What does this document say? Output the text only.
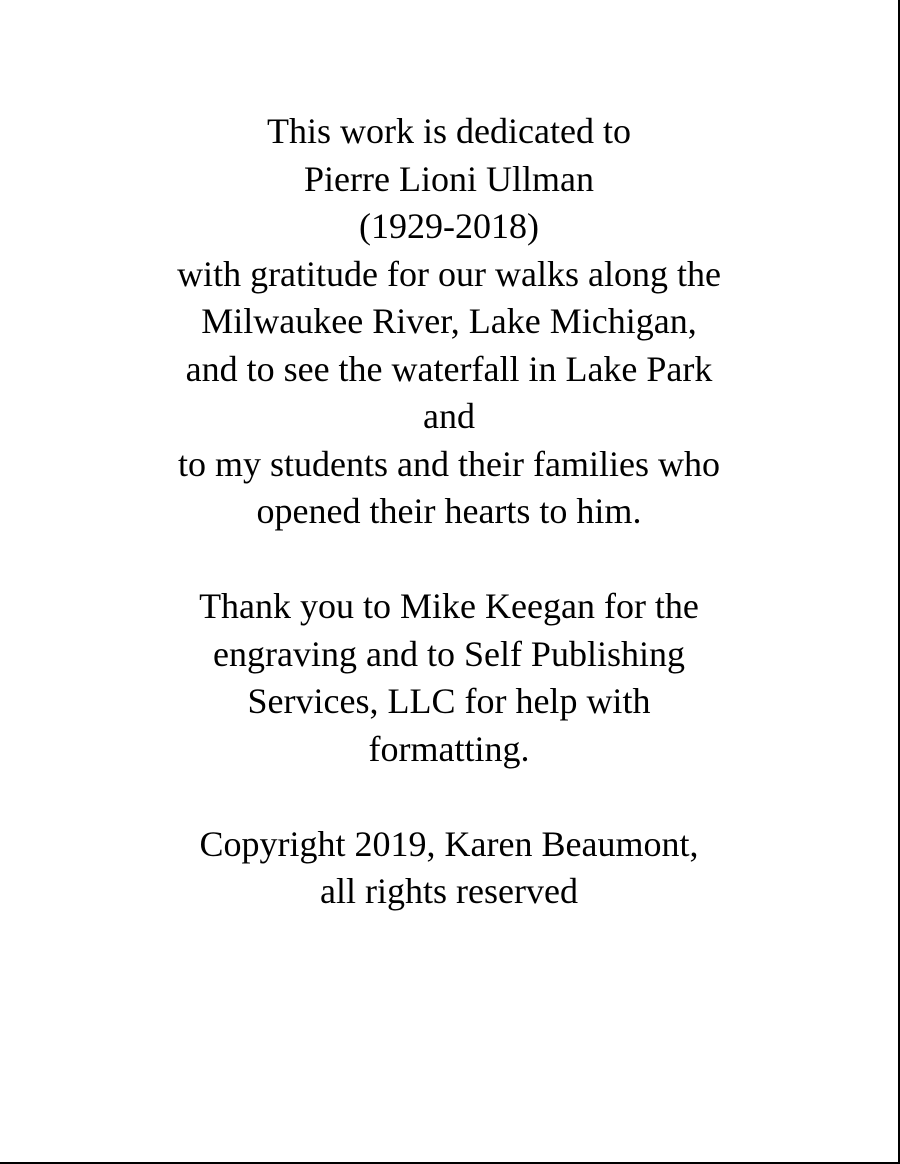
This work is dedicated to
Pierre Lioni Ullman
(1929-2018)
with gratitude for our walks along the
Milwaukee River, Lake Michigan,
and to see the waterfall in Lake Park
and
to my students and their families who
opened their hearts to him.
Thank you to Mike Keegan for the
engraving and to Self Publishing
Services, LLC for help with
formatting.
Copyright 2019, Karen Beaumont,
all rights reserved
